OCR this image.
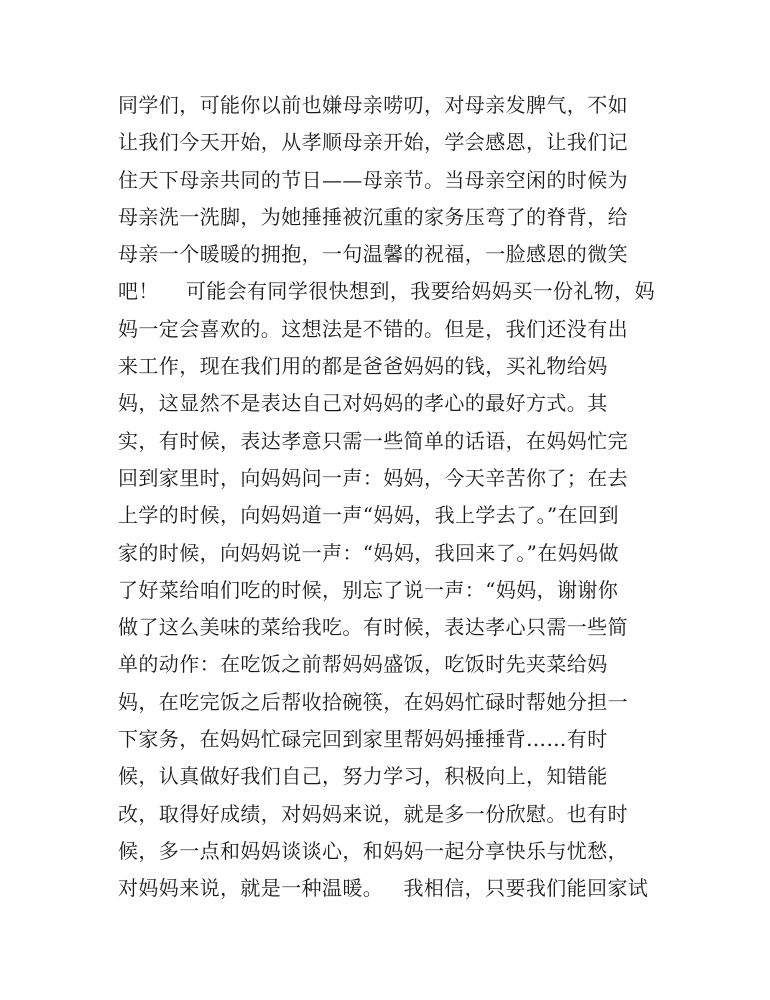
同学们，可能你以前也嫌母亲唠叨，对母亲发脾气，不如
让我们今天开始，从孝顺母亲开始，学会感恩，让我们记
住天下母亲共同的节日——母亲节。当母亲空闲的时候为
母亲洗一洗脚，为她捶捶被沉重的家务压弯了的脊背，给
母亲一个暖暖的拥抱，一句温馨的祝福，一脸感恩的微笑
吧！    可能会有同学很快想到，我要给妈妈买一份礼物，妈
妈一定会喜欢的。这想法是不错的。但是，我们还没有出
来工作，现在我们用的都是爸爸妈妈的钱，买礼物给妈
妈，这显然不是表达自己对妈妈的孝心的最好方式。其
实，有时候，表达孝意只需一些简单的话语，在妈妈忙完
回到家里时，向妈妈问一声：妈妈，今天辛苦你了；在去
上学的时候，向妈妈道一声“妈妈，我上学去了。”在回到
家的时候，向妈妈说一声：“妈妈，我回来了。”在妈妈做
了好菜给咱们吃的时候，别忘了说一声：“妈妈，谢谢你
做了这么美味的菜给我吃。有时候，表达孝心只需一些简
单的动作：在吃饭之前帮妈妈盛饭，吃饭时先夹菜给妈
妈，在吃完饭之后帮收拾碗筷，在妈妈忙碌时帮她分担一
下家务，在妈妈忙碌完回到家里帮妈妈捶捶背……有时
候，认真做好我们自己，努力学习，积极向上，知错能
改，取得好成绩，对妈妈来说，就是多一份欣慰。也有时
候，多一点和妈妈谈谈心，和妈妈一起分享快乐与忧愁，
对妈妈来说，就是一种温暖。   我相信，只要我们能回家试
